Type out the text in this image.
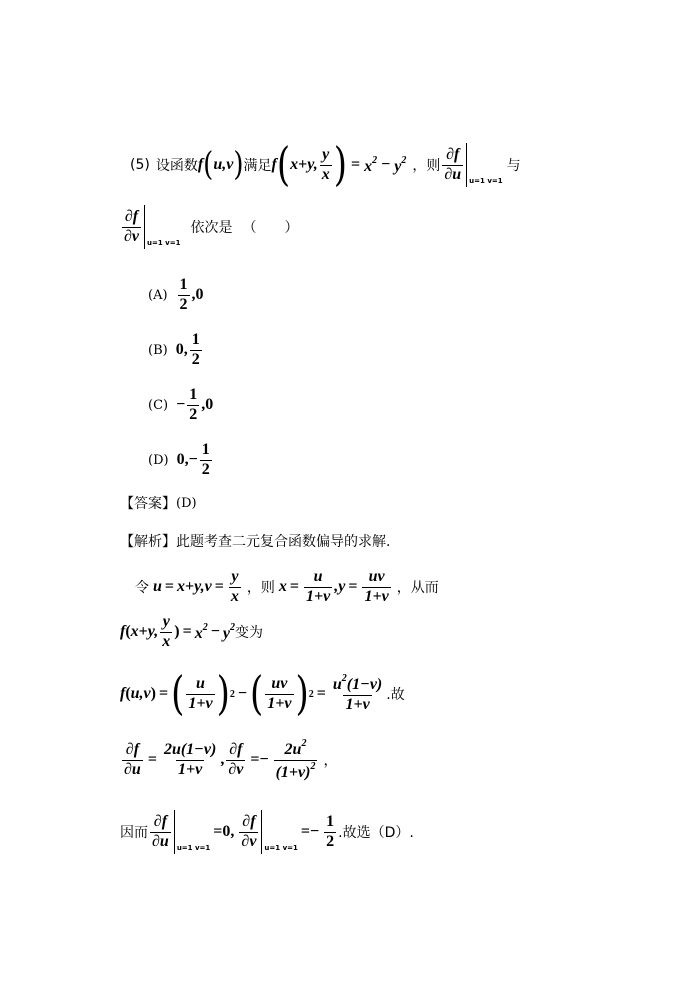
(5) 设函数 f ( u,v ) 满足 f ( x + y, $\frac{y}{x}$ ) = $x^2 - y^2$ ，则 $\frac{\partial f}{\partial u} u=1$ v=1
与
$\frac{\partial f}{\partial v} u=1$ v=1
依次是 （　　）
$(A) \frac{1}{2} ,0$
(B) 0, $\frac{1}{2}$
$(C) - \frac{1}{2} ,0$
(D) $0,- \frac{1}{2}$
【答案】 (D)
【解析】 此题考查二元复合函数偏导的求解.
令 $u = x + y,v = \frac{y}{x}$ ，则 $x = \frac{u}{1+v} ,y = \frac{uv}{1+v}$ ，从而
f ( x + y, $\frac{y}{x}$ ) = $x^2 - y^2$ 变为
f ( u,v ) = ( $\frac{u}{1+v}$ ) 2 − ( $\frac{uv}{1+v}$ ) $2 = \frac{u^2(1-v)}{1+v}$ .故
$\frac{\partial f}{\partial u} = \frac{2u(1-v)}{1+v}$ , $\frac{\partial f}{\partial v} =- \frac{2u^2}{(1+v)^2}$ ，
因而 $\frac{\partial f}{\partial u} u=1$ v=1
=0, $\frac{\partial f}{\partial v} u=1$ v=1
=− $\frac{1}{2}$ .故选（D）.
